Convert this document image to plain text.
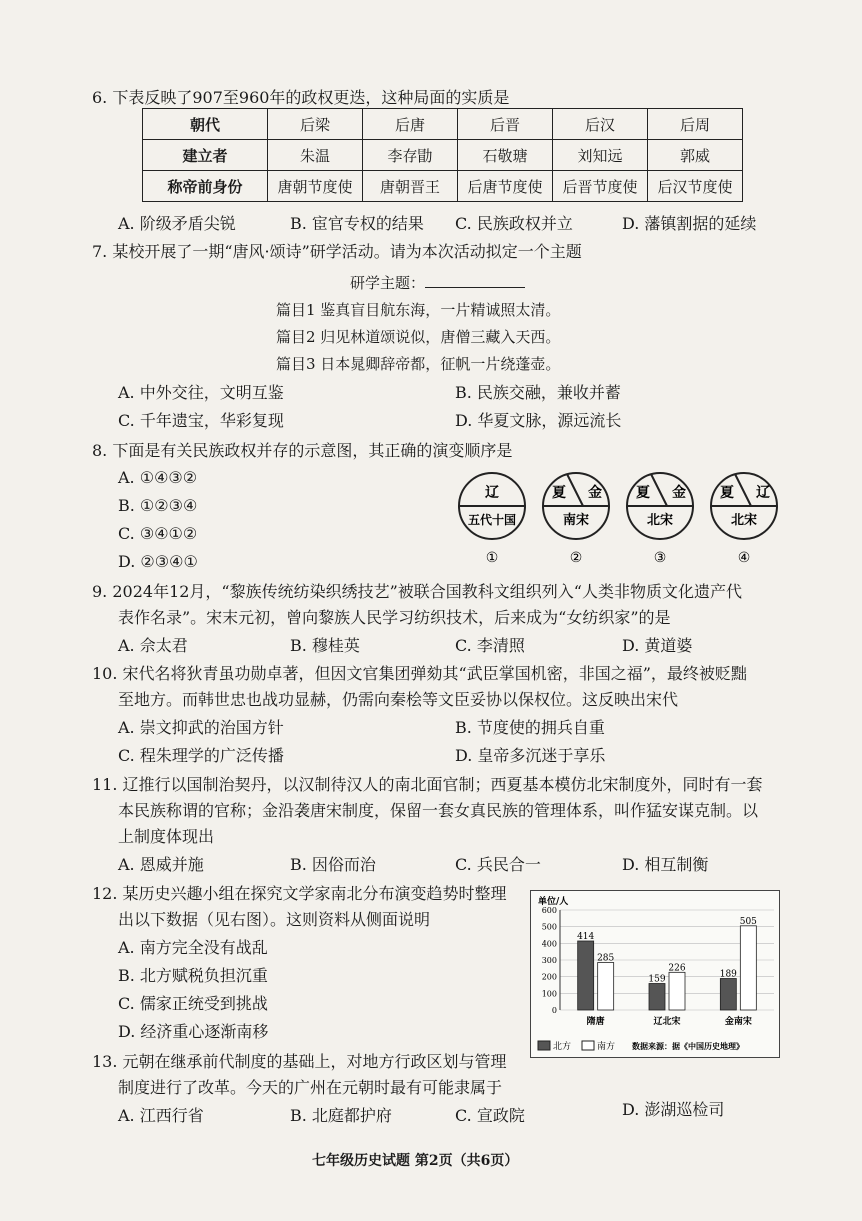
6. 下表反映了907至960年的政权更迭，这种局面的实质是
朝代	后梁	后唐	后晋	后汉	后周
建立者	朱温	李存勖	石敬瑭	刘知远	郭威
称帝前身份	唐朝节度使	唐朝晋王	后唐节度使	后晋节度使	后汉节度使
A. 阶级矛盾尖锐	B. 宦官专权的结果 C. 民族政权并立	D. 藩镇割据的延续
7. 某校开展了一期“唐风·颂诗”研学活动。请为本次活动拟定一个主题
研学主题：
篇目1 鉴真盲目航东海，一片精诚照太清。
篇目2 归见林道颂说似，唐僧三藏入天西。
篇目3 日本晁卿辞帝都，征帆一片绕蓬壶。
A. 中外交往，文明互鉴	B. 民族交融，兼收并蓄
C. 千年遗宝，华彩复现	D. 华夏文脉，源远流长
8. 下面是有关民族政权并存的示意图，其正确的演变顺序是
A. ①④③②
B. ①②③④
C. ③④①②
D. ②③④①
辽
五代十国
①
夏 金
南宋
②
夏 金
北宋
③
夏 辽
北宋
④
9. 2024年12月，“黎族传统纺染织绣技艺”被联合国教科文组织列入“人类非物质文化遗产代
表作名录”。宋末元初，曾向黎族人民学习纺织技术，后来成为“女纺织家”的是
A. 佘太君	B. 穆桂英	C. 李清照	D. 黄道婆
10. 宋代名将狄青虽功勋卓著，但因文官集团弹劾其“武臣掌国机密，非国之福”，最终被贬黜
至地方。而韩世忠也战功显赫，仍需向秦桧等文臣妥协以保权位。这反映出宋代
A. 崇文抑武的治国方针	B. 节度使的拥兵自重
C. 程朱理学的广泛传播	D. 皇帝多沉迷于享乐
11. 辽推行以国制治契丹，以汉制待汉人的南北面官制；西夏基本模仿北宋制度外，同时有一套
本民族称谓的官称；金沿袭唐宋制度，保留一套女真民族的管理体系，叫作猛安谋克制。以
上制度体现出
A. 恩威并施	B. 因俗而治	C. 兵民合一	D. 相互制衡
12. 某历史兴趣小组在探究文学家南北分布演变趋势时整理
出以下数据（见右图）。这则资料从侧面说明
A. 南方完全没有战乱
B. 北方赋税负担沉重
C. 儒家正统受到挑战
D. 经济重心逐渐南移
单位/人
0
100
200
300
400
500
600
414
285
159
226
189
505
隋唐	辽北宋	金南宋
北方	南方 数据来源：据《中国历史地理》
13. 元朝在继承前代制度的基础上，对地方行政区划与管理
制度进行了改革。今天的广州在元朝时最有可能隶属于
A. 江西行省	B. 北庭都护府	C. 宣政院	D. 澎湖巡检司
七年级历史试题 第2页（共6页）
